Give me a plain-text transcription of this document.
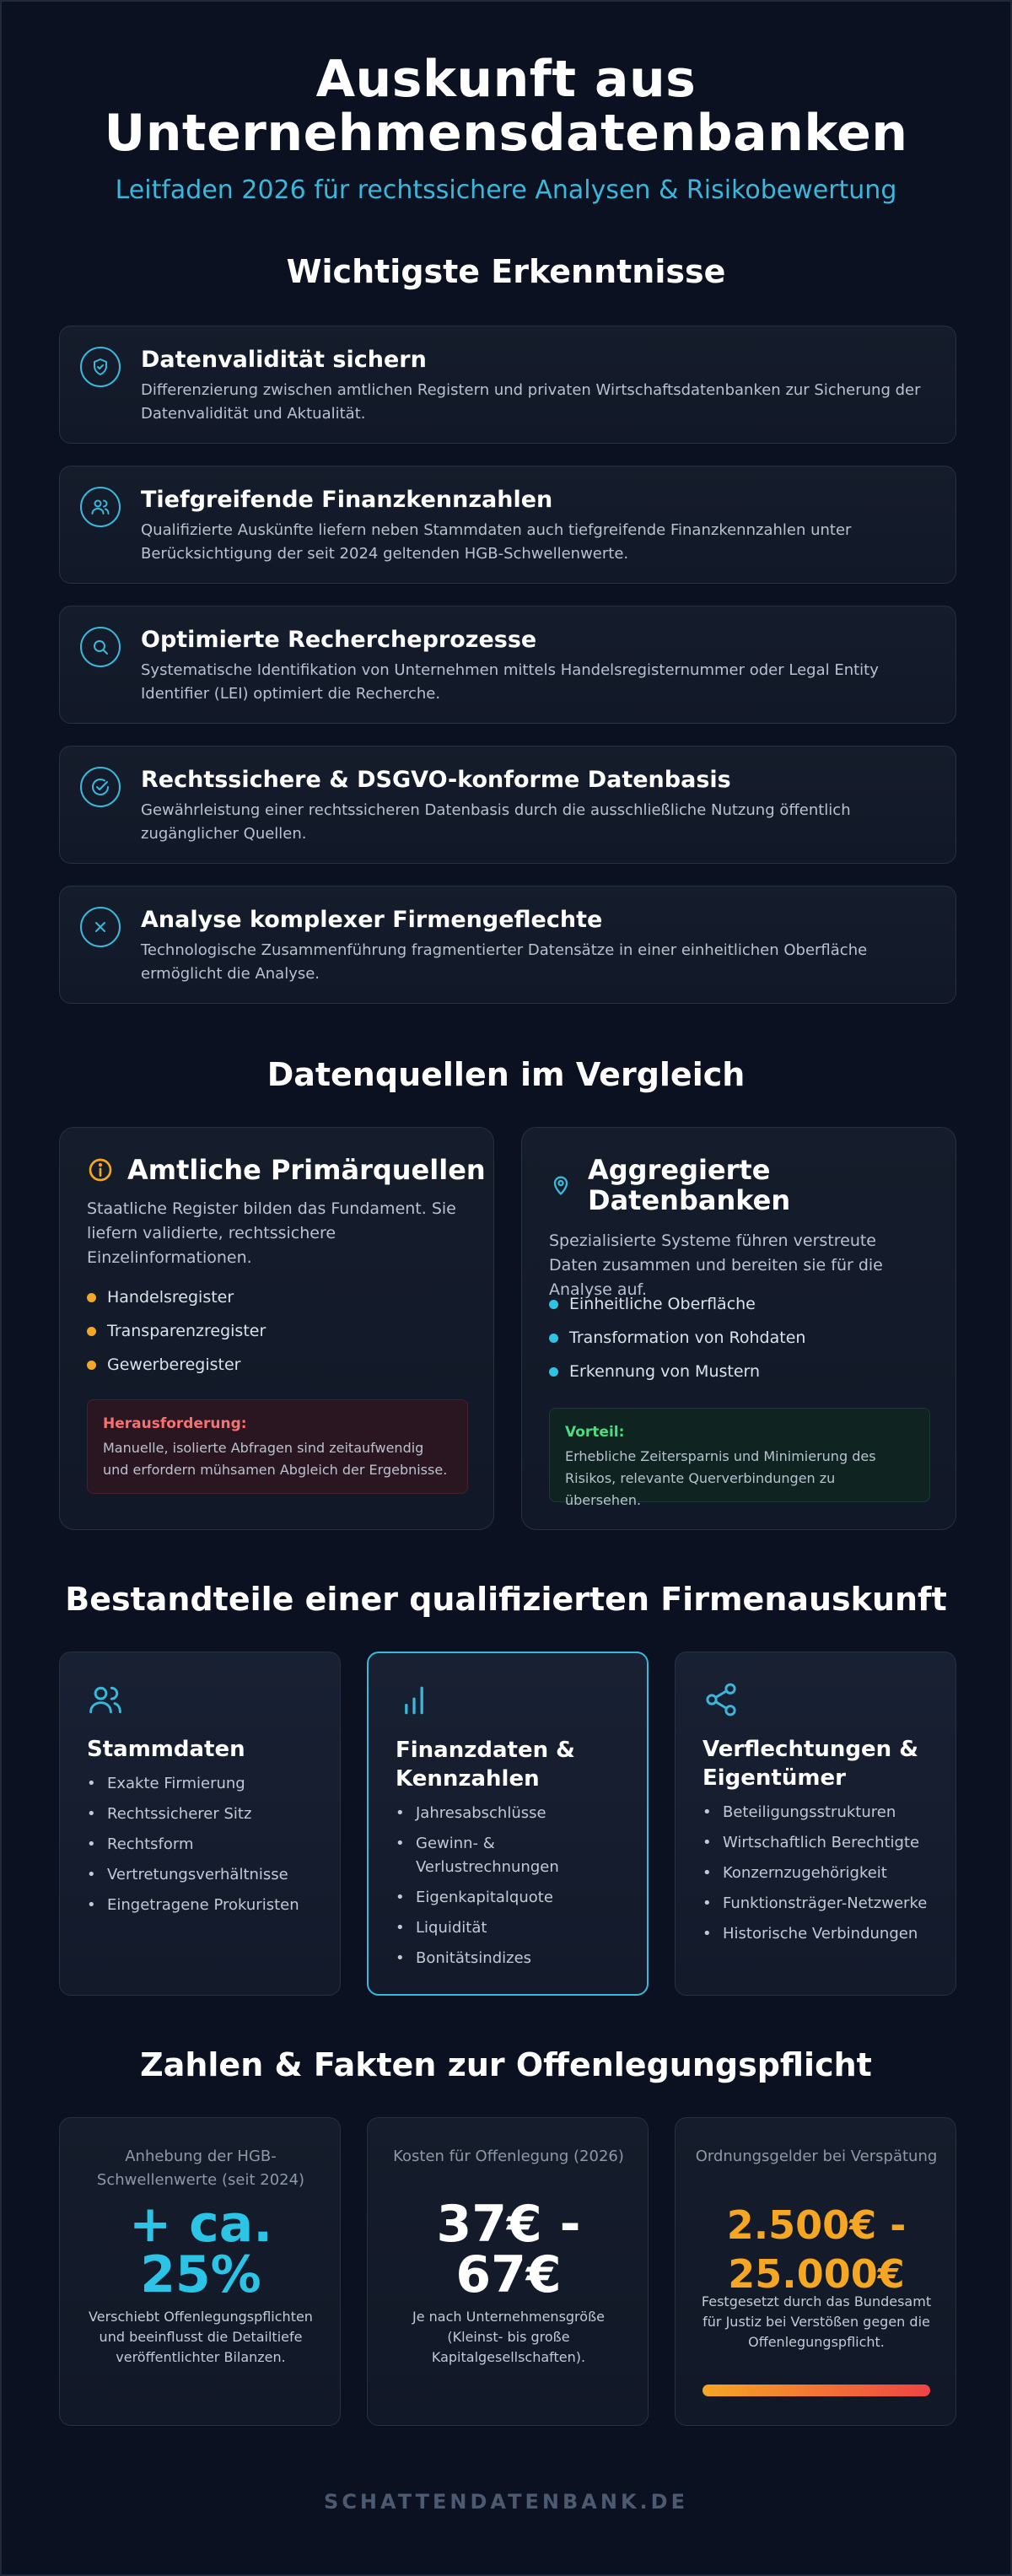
Auskunft aus
Unternehmensdatenbanken
Leitfaden 2026 für rechtssichere Analysen & Risikobewertung
Wichtigste Erkenntnisse
Datenvalidität sichern
Differenzierung zwischen amtlichen Registern und privaten Wirtschaftsdatenbanken zur Sicherung der Datenvalidität und Aktualität.
Tiefgreifende Finanzkennzahlen
Qualifizierte Auskünfte liefern neben Stammdaten auch tiefgreifende Finanzkennzahlen unter Berücksichtigung der seit 2024 geltenden HGB-Schwellenwerte.
Optimierte Rechercheprozesse
Systematische Identifikation von Unternehmen mittels Handelsregisternummer oder Legal Entity Identifier (LEI) optimiert die Recherche.
Rechtssichere & DSGVO-konforme Datenbasis
Gewährleistung einer rechtssicheren Datenbasis durch die ausschließliche Nutzung öffentlich zugänglicher Quellen.
Analyse komplexer Firmengeflechte
Technologische Zusammenführung fragmentierter Datensätze in einer einheitlichen Oberfläche ermöglicht die Analyse.
Datenquellen im Vergleich
Amtliche Primärquellen
Staatliche Register bilden das Fundament. Sie liefern validierte, rechtssichere Einzelinformationen.
Handelsregister
Transparenzregister
Gewerberegister
Herausforderung:
Manuelle, isolierte Abfragen sind zeitaufwendig und erfordern mühsamen Abgleich der Ergebnisse.
Aggregierte
Datenbanken
Spezialisierte Systeme führen verstreute Daten zusammen und bereiten sie für die Analyse auf.
Einheitliche Oberfläche
Transformation von Rohdaten
Erkennung von Mustern
Vorteil:
Erhebliche Zeitersparnis und Minimierung des Risikos, relevante Querverbindungen zu übersehen.
Bestandteile einer qualifizierten Firmenauskunft
Stammdaten
• Exakte Firmierung
• Rechtssicherer Sitz
• Rechtsform
• Vertretungsverhältnisse
• Eingetragene Prokuristen
Finanzdaten & Kennzahlen
• Jahresabschlüsse
• Gewinn- & Verlustrechnungen
• Eigenkapitalquote
• Liquidität
• Bonitätsindizes
Verflechtungen & Eigentümer
• Beteiligungsstrukturen
• Wirtschaftlich Berechtigte
• Konzernzugehörigkeit
• Funktionsträger-Netzwerke
• Historische Verbindungen
Zahlen & Fakten zur Offenlegungspflicht
Anhebung der HGB-Schwellenwerte (seit 2024)
+ ca.
25%
Verschiebt Offenlegungspflichten und beeinflusst die Detailtiefe veröffentlichter Bilanzen.
Kosten für Offenlegung (2026)
37€ -
67€
Je nach Unternehmensgröße (Kleinst- bis große Kapitalgesellschaften).
Ordnungsgelder bei Verspätung
2.500€ -
25.000€
Festgesetzt durch das Bundesamt für Justiz bei Verstößen gegen die Offenlegungspflicht.
SCHATTENDATENBANK.DE
